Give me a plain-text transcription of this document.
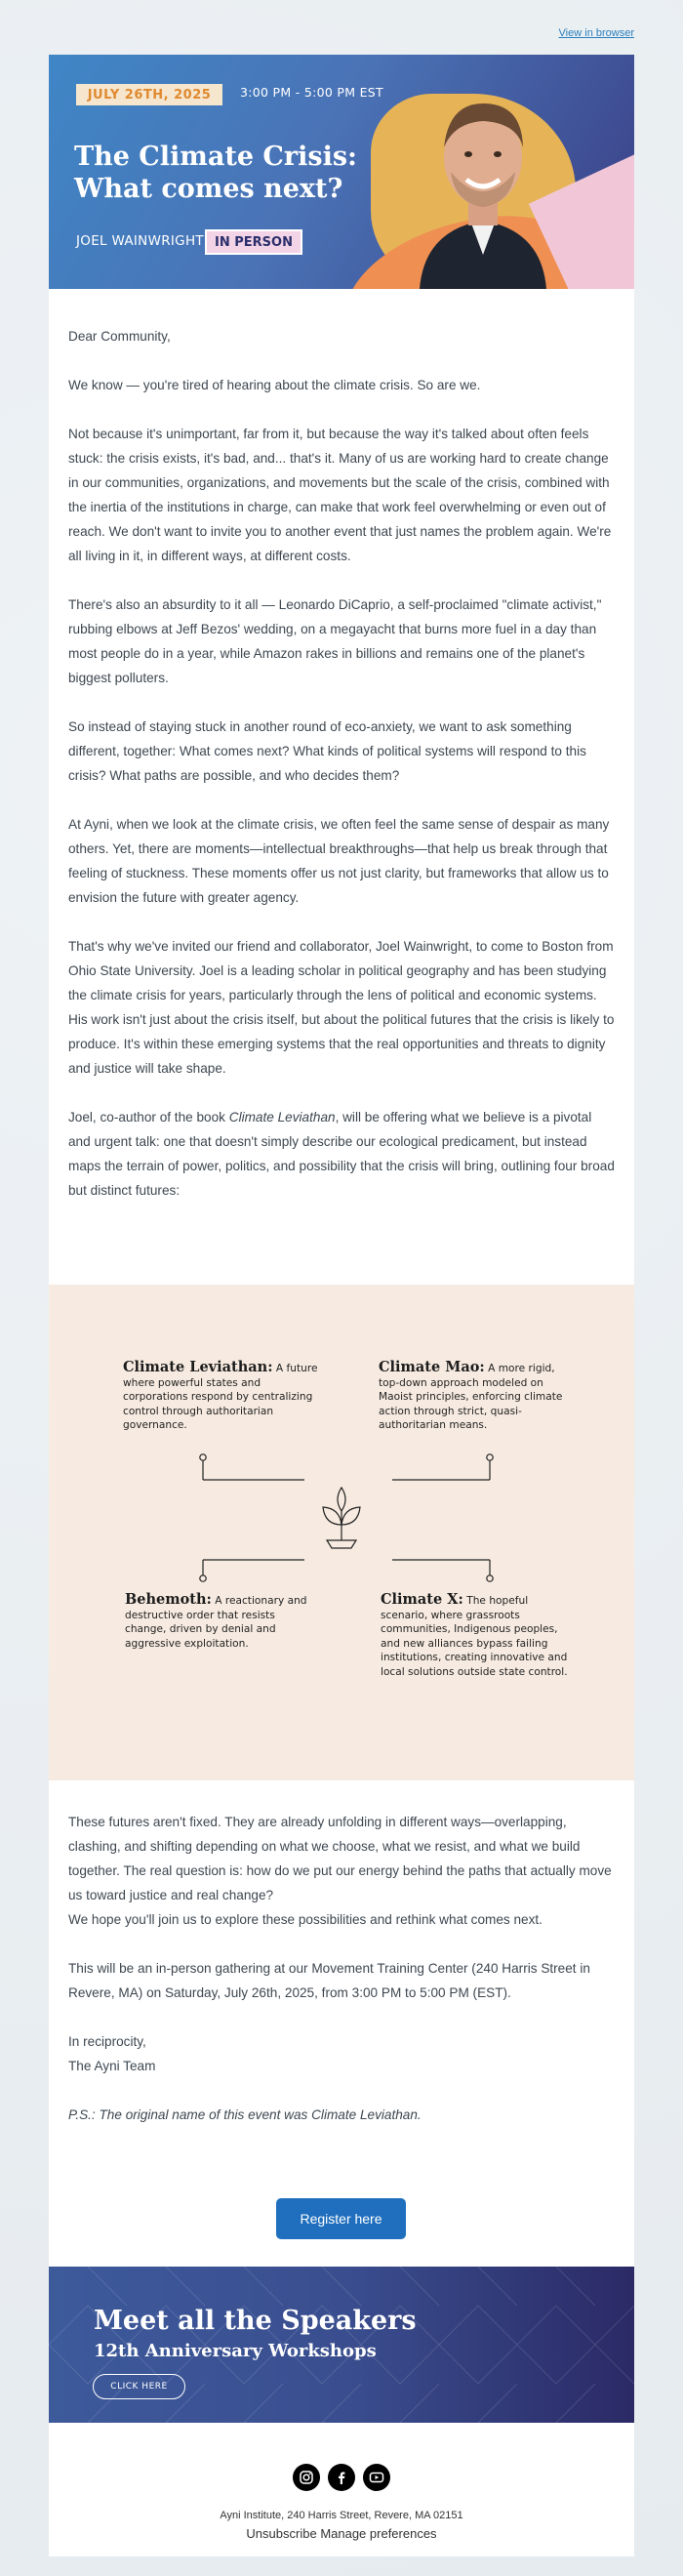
View in browser
JULY 26TH, 2025	3:00 PM - 5:00 PM EST
The Climate Crisis:
What comes next?
JOEL WAINWRIGHT IN PERSON

Dear Community,

We know — you're tired of hearing about the climate crisis. So are we.

Not because it's unimportant, far from it, but because the way it's talked about often feels stuck: the crisis exists, it's bad, and... that's it. Many of us are working hard to create change in our communities, organizations, and movements but the scale of the crisis, combined with the inertia of the institutions in charge, can make that work feel overwhelming or even out of reach. We don't want to invite you to another event that just names the problem again. We're all living in it, in different ways, at different costs.

There's also an absurdity to it all — Leonardo DiCaprio, a self-proclaimed "climate activist," rubbing elbows at Jeff Bezos' wedding, on a megayacht that burns more fuel in a day than most people do in a year, while Amazon rakes in billions and remains one of the planet's biggest polluters.

So instead of staying stuck in another round of eco-anxiety, we want to ask something different, together: What comes next? What kinds of political systems will respond to this crisis? What paths are possible, and who decides them?

At Ayni, when we look at the climate crisis, we often feel the same sense of despair as many others. Yet, there are moments—intellectual breakthroughs—that help us break through that feeling of stuckness. These moments offer us not just clarity, but frameworks that allow us to envision the future with greater agency.

That's why we've invited our friend and collaborator, Joel Wainwright, to come to Boston from Ohio State University. Joel is a leading scholar in political geography and has been studying the climate crisis for years, particularly through the lens of political and economic systems. His work isn't just about the crisis itself, but about the political futures that the crisis is likely to produce. It's within these emerging systems that the real opportunities and threats to dignity and justice will take shape.

Joel, co-author of the book Climate Leviathan, will be offering what we believe is a pivotal and urgent talk: one that doesn't simply describe our ecological predicament, but instead maps the terrain of power, politics, and possibility that the crisis will bring, outlining four broad but distinct futures:

Climate Leviathan: A future where powerful states and corporations respond by centralizing control through authoritarian governance.
Climate Mao: A more rigid, top-down approach modeled on Maoist principles, enforcing climate action through strict, quasi-authoritarian means.
Behemoth: A reactionary and destructive order that resists change, driven by denial and aggressive exploitation.
Climate X: The hopeful scenario, where grassroots communities, Indigenous peoples, and new alliances bypass failing institutions, creating innovative and local solutions outside state control.

These futures aren't fixed. They are already unfolding in different ways—overlapping, clashing, and shifting depending on what we choose, what we resist, and what we build together. The real question is: how do we put our energy behind the paths that actually move us toward justice and real change?

We hope you'll join us to explore these possibilities and rethink what comes next.

This will be an in-person gathering at our Movement Training Center (240 Harris Street in Revere, MA) on Saturday, July 26th, 2025, from 3:00 PM to 5:00 PM (EST).

In reciprocity,

The Ayni Team

P.S.: The original name of this event was Climate Leviathan.

Register here
Meet all the Speakers
12th Anniversary Workshops
CLICK HERE
Ayni Institute, 240 Harris Street, Revere, MA 02151
Unsubscribe Manage preferences
